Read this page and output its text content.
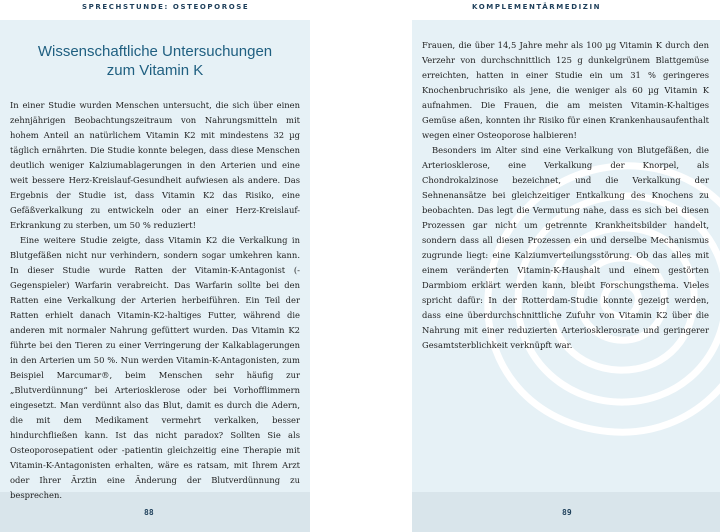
SPRECHSTUNDE: OSTEOPOROSE
Wissenschaftliche Untersuchungen
zum Vitamin K

In einer Studie wurden Menschen untersucht, die sich über einen zehnjährigen Beobachtungszeitraum von Nahrungsmitteln mit hohem Anteil an natürlichem Vitamin K2 mit mindestens 32 µg täglich ernährten. Die Studie konnte belegen, dass diese Menschen deutlich weniger Kalziumablagerungen in den Arterien und eine weit bessere Herz-Kreislauf-Gesundheit aufwiesen als andere. Das Ergebnis der Studie ist, dass Vitamin K2 das Risiko, eine Gefäßverkalkung zu entwickeln oder an einer Herz-Kreislauf-Erkrankung zu sterben, um 50 % reduziert!

Eine weitere Studie zeigte, dass Vitamin K2 die Verkalkung in Blutgefäßen nicht nur verhindern, sondern sogar umkehren kann. In dieser Studie wurde Ratten der Vitamin-K-Antagonist (-Gegenspieler) Warfarin verabreicht. Das Warfarin sollte bei den Ratten eine Verkalkung der Arterien herbeiführen. Ein Teil der Ratten erhielt danach Vitamin-K2-haltiges Futter, während die anderen mit normaler Nahrung gefüttert wurden. Das Vitamin K2 führte bei den Tieren zu einer Verringerung der Kalkablagerungen in den Arterien um 50 %. Nun werden Vitamin-K-Antagonisten, zum Beispiel Marcumar®, beim Menschen sehr häufig zur „Blutverdünnung“ bei Arteriosklerose oder bei Vorhofflimmern eingesetzt. Man verdünnt also das Blut, damit es durch die Adern, die mit dem Medikament vermehrt verkalken, besser hindurchfließen kann. Ist das nicht paradox? Sollten Sie als Osteoporosepatient oder -patientin gleichzeitig eine Therapie mit Vitamin-K-Antagonisten erhalten, wäre es ratsam, mit Ihrem Arzt oder Ihrer Ärztin eine Änderung der Blutverdünnung zu besprechen.

88
KOMPLEMENTÄRMEDIZIN

Frauen, die über 14,5 Jahre mehr als 100 µg Vitamin K durch den Verzehr von durchschnittlich 125 g dunkelgrünem Blattgemüse erreichten, hatten in einer Studie ein um 31 % geringeres Knochenbruchrisiko als jene, die weniger als 60 µg Vitamin K aufnahmen. Die Frauen, die am meisten Vitamin-K-haltiges Gemüse aßen, konnten ihr Risiko für einen Krankenhausaufenthalt wegen einer Osteoporose halbieren!

Besonders im Alter sind eine Verkalkung von Blutgefäßen, die Arteriosklerose, eine Verkalkung der Knorpel, als Chondrokalzinose bezeichnet, und die Verkalkung der Sehnenansätze bei gleichzeitiger Entkalkung des Knochens zu beobachten. Das legt die Vermutung nahe, dass es sich bei diesen Prozessen gar nicht um getrennte Krankheitsbilder handelt, sondern dass all diesen Prozessen ein und derselbe Mechanismus zugrunde liegt: eine Kalziumverteilungsstörung. Ob das alles mit einem veränderten Vitamin-K-Haushalt und einem gestörten Darmbiom erklärt werden kann, bleibt Forschungsthema. Vieles spricht dafür: In der Rotterdam-Studie konnte gezeigt werden, dass eine überdurchschnittliche Zufuhr von Vitamin K2 über die Nahrung mit einer reduzierten Arteriosklerosrate und geringerer Gesamtsterblichkeit verknüpft war.

89
